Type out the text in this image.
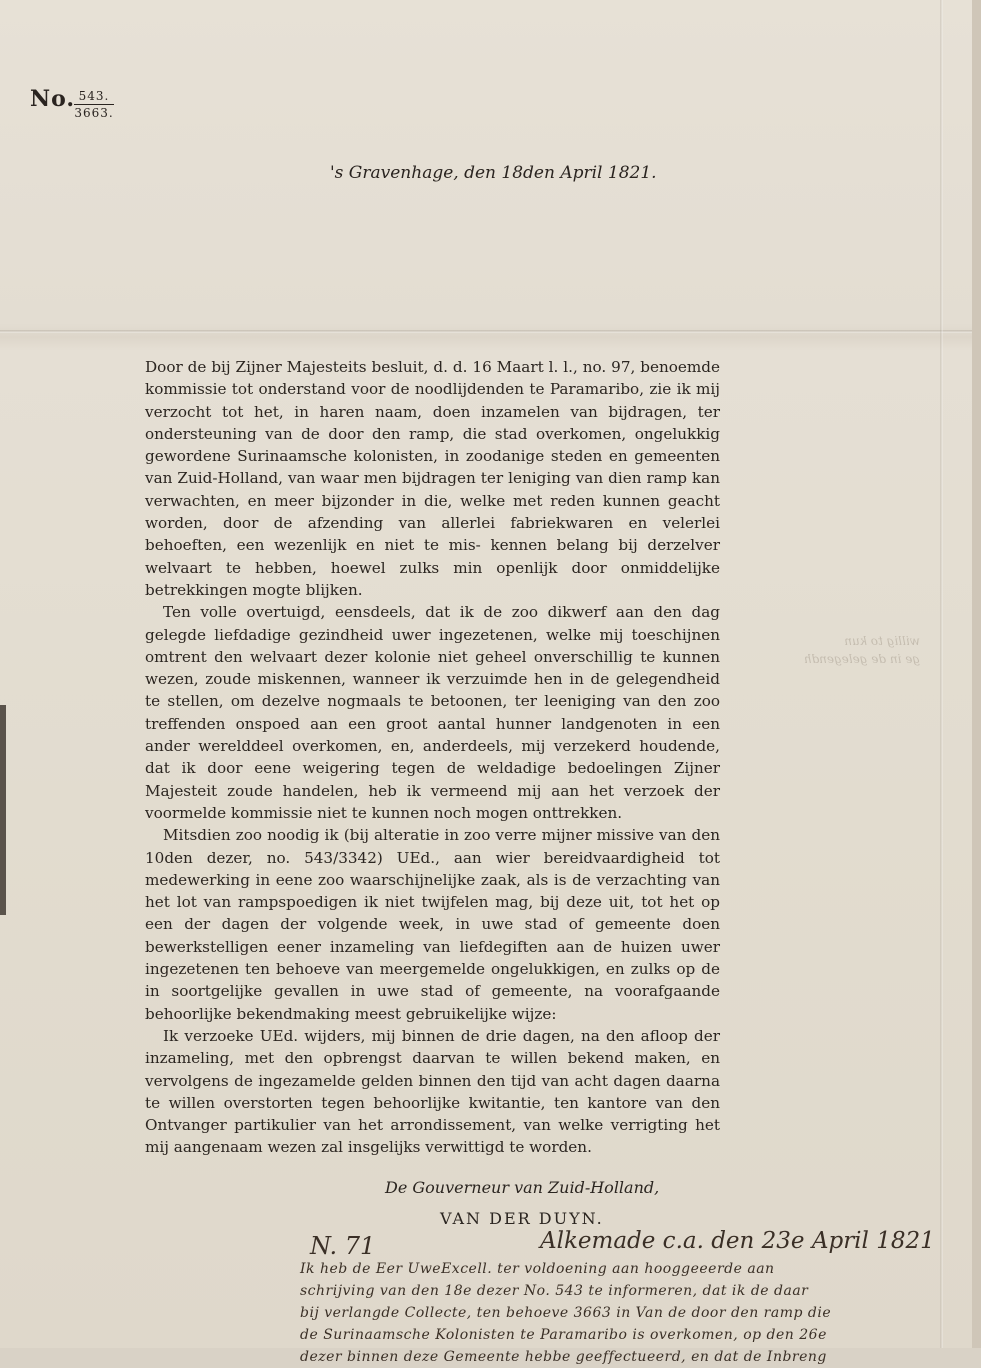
No.
$\frac{543.}{3663.}$
's Gravenhage, den 18den April 1821.

Door de bij Zijner Majesteits besluit, d. d. 16 Maart l. l., no. 97, benoemde kommissie tot onderstand voor de noodlijdenden te Paramaribo, zie ik mij verzocht tot het, in haren naam, doen inzamelen van bijdragen, ter ondersteuning van de door den ramp, die stad overkomen, ongelukkig gewordene Surinaamsche kolonisten, in zoodanige steden en gemeenten van Zuid-Holland, van waar men bijdragen ter leniging van dien ramp kan verwachten, en meer bijzonder in die, welke met reden kunnen geacht worden, door de afzending van allerlei fabriekwaren en velerlei behoeften, een wezenlijk en niet te mis- kennen belang bij derzelver welvaart te hebben, hoewel zulks min openlijk door onmiddelijke betrekkingen mogte blijken.

Ten volle overtuigd, eensdeels, dat ik de zoo dikwerf aan den dag gelegde liefdadige gezindheid uwer ingezetenen, welke mij toeschijnen omtrent den welvaart dezer kolonie niet geheel onverschillig te kunnen wezen, zoude miskennen, wanneer ik verzuimde hen in de gelegendheid te stellen, om dezelve nogmaals te betoonen, ter leeniging van den zoo treffenden onspoed aan een groot aantal hunner landgenoten in een ander werelddeel overkomen, en, anderdeels, mij verzekerd houdende, dat ik door eene weigering tegen de weldadige bedoelingen Zijner Majesteit zoude handelen, heb ik vermeend mij aan het verzoek der voormelde kommissie niet te kunnen noch mogen onttrekken.

Mitsdien zoo noodig ik (bij alteratie in zoo verre mijner missive van den 10den dezer, no. 543/3342) UEd., aan wier bereidvaardigheid tot medewerking in eene zoo waarschijnelijke zaak, als is de verzachting van het lot van rampspoedigen ik niet twijfelen mag, bij deze uit, tot het op een der dagen der volgende week, in uwe stad of gemeente doen bewerkstelligen eener inzameling van liefdegiften aan de huizen uwer ingezetenen ten behoeve van meergemelde ongelukkigen, en zulks op de in soortgelijke gevallen in uwe stad of gemeente, na voorafgaande behoorlijke bekendmaking meest gebruikelijke wijze:

Ik verzoeke UEd. wijders, mij binnen de drie dagen, na den afloop der inzameling, met den opbrengst daarvan te willen bekend maken, en vervolgens de ingezamelde gelden binnen den tijd van acht dagen daarna te willen overstorten tegen behoorlijke kwitantie, ten kantore van den Ontvanger partikulier van het arrondissement, van welke verrigting het mij aangenaam wezen zal insgelijks verwittigd te worden.

De Gouverneur van Zuid-Holland,
VAN DER DUYN.
N. 71	Alkemade c.a. den 23e April 1821
Ik heb de Eer UweExcell. ter voldoening aan hooggeeerde aan
schrijving van den 18e dezer No. 543 te informeren, dat ik de daar
bij verlangde Collecte, ten behoeve 3663 in Van de door den ramp die
de Surinaamsche Kolonisten te Paramaribo is overkomen, op den 26e
dezer binnen deze Gemeente hebbe geeffectueerd, en dat de Inbreng
willig to kun
ge in de gelegendh
